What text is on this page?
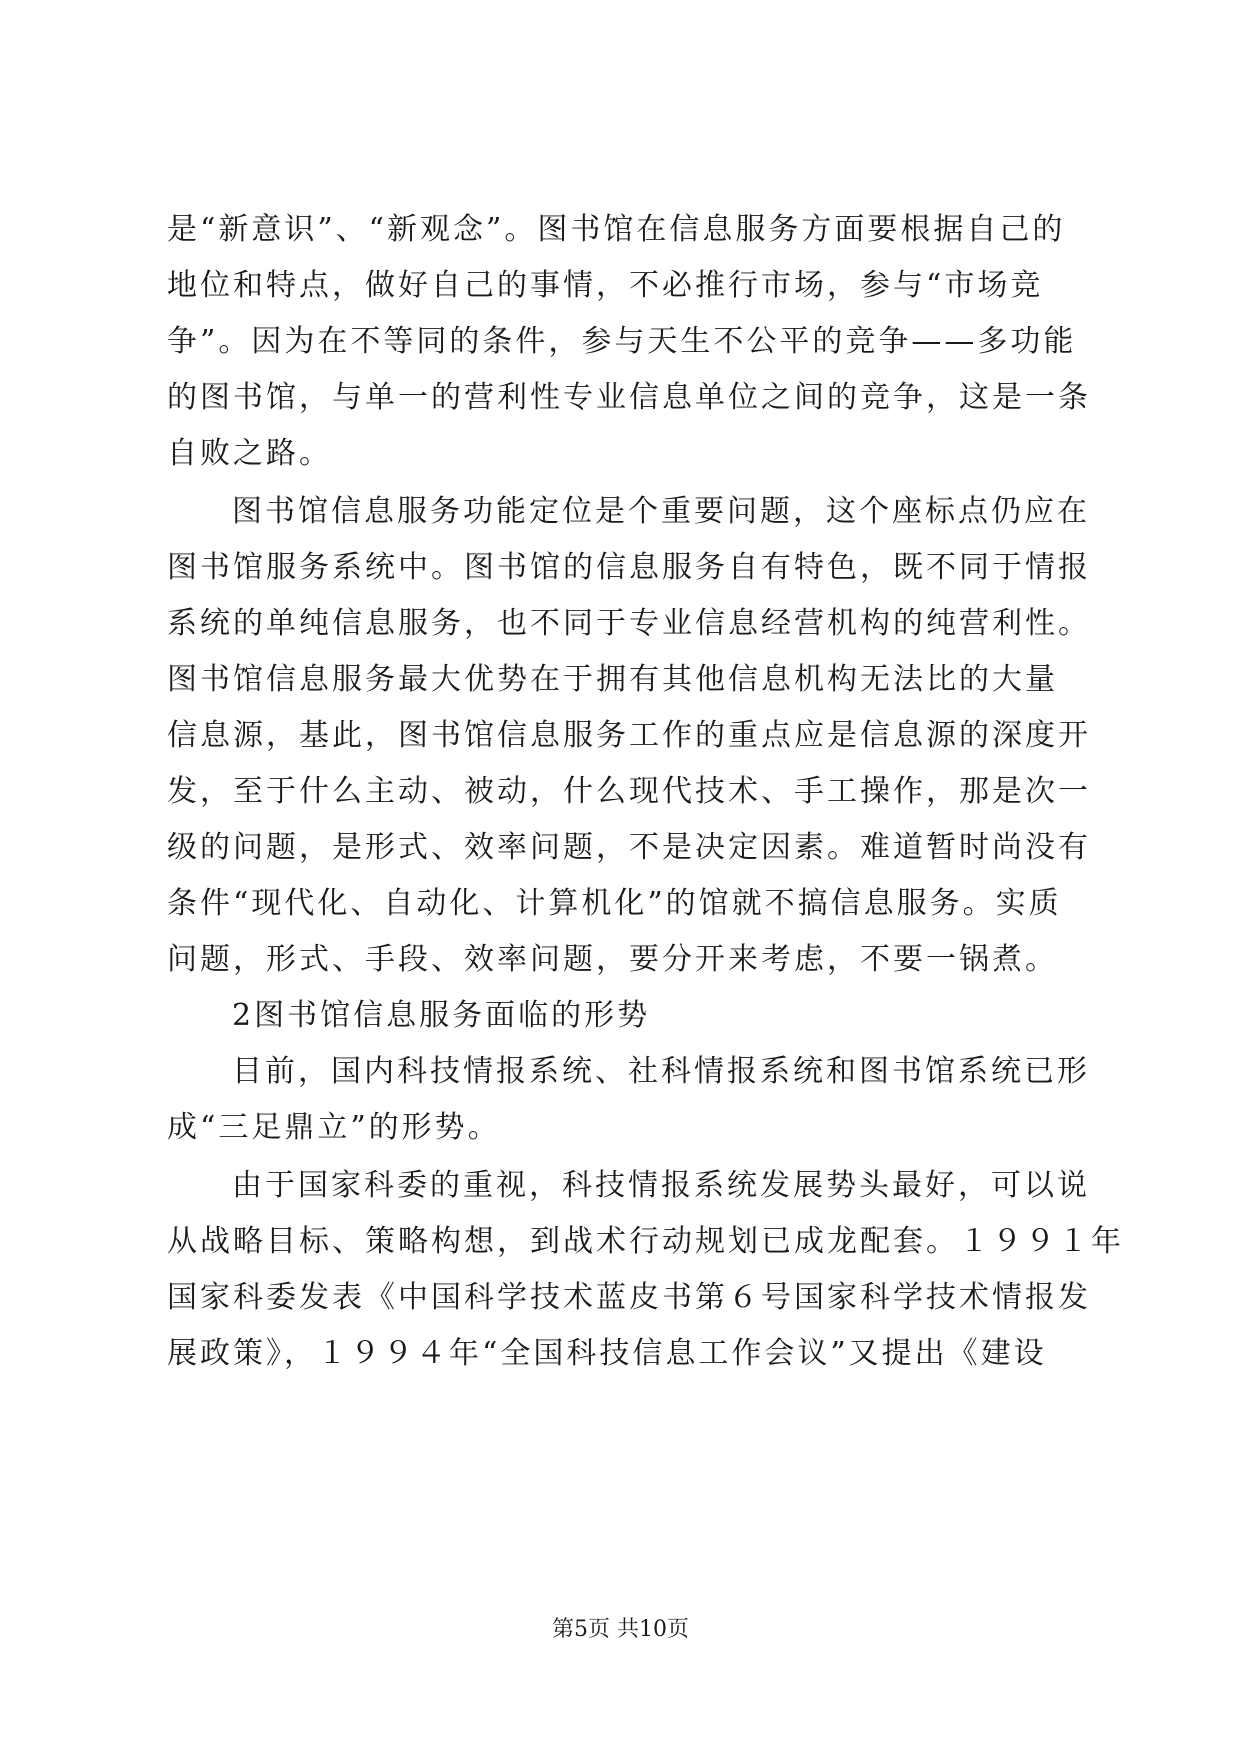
是“新意识”、“新观念”。图书馆在信息服务方面要根据自己的
地位和特点，做好自己的事情，不必推行市场，参与“市场竞
争”。因为在不等同的条件，参与天生不公平的竞争——多功能
的图书馆，与单一的营利性专业信息单位之间的竞争，这是一条
自败之路。
图书馆信息服务功能定位是个重要问题，这个座标点仍应在
图书馆服务系统中。图书馆的信息服务自有特色，既不同于情报
系统的单纯信息服务，也不同于专业信息经营机构的纯营利性。
图书馆信息服务最大优势在于拥有其他信息机构无法比的大量
信息源，基此，图书馆信息服务工作的重点应是信息源的深度开
发，至于什么主动、被动，什么现代技术、手工操作，那是次一
级的问题，是形式、效率问题，不是决定因素。难道暂时尚没有
条件“现代化、自动化、计算机化”的馆就不搞信息服务。实质
问题，形式、手段、效率问题，要分开来考虑，不要一锅煮。
2图书馆信息服务面临的形势
目前，国内科技情报系统、社科情报系统和图书馆系统已形
成“三足鼎立”的形势。
由于国家科委的重视，科技情报系统发展势头最好，可以说
从战略目标、策略构想，到战术行动规划已成龙配套。１９９１年
国家科委发表《中国科学技术蓝皮书第６号国家科学技术情报发
展政策》，１９９４年“全国科技信息工作会议”又提出《建设
第5页 共10页
